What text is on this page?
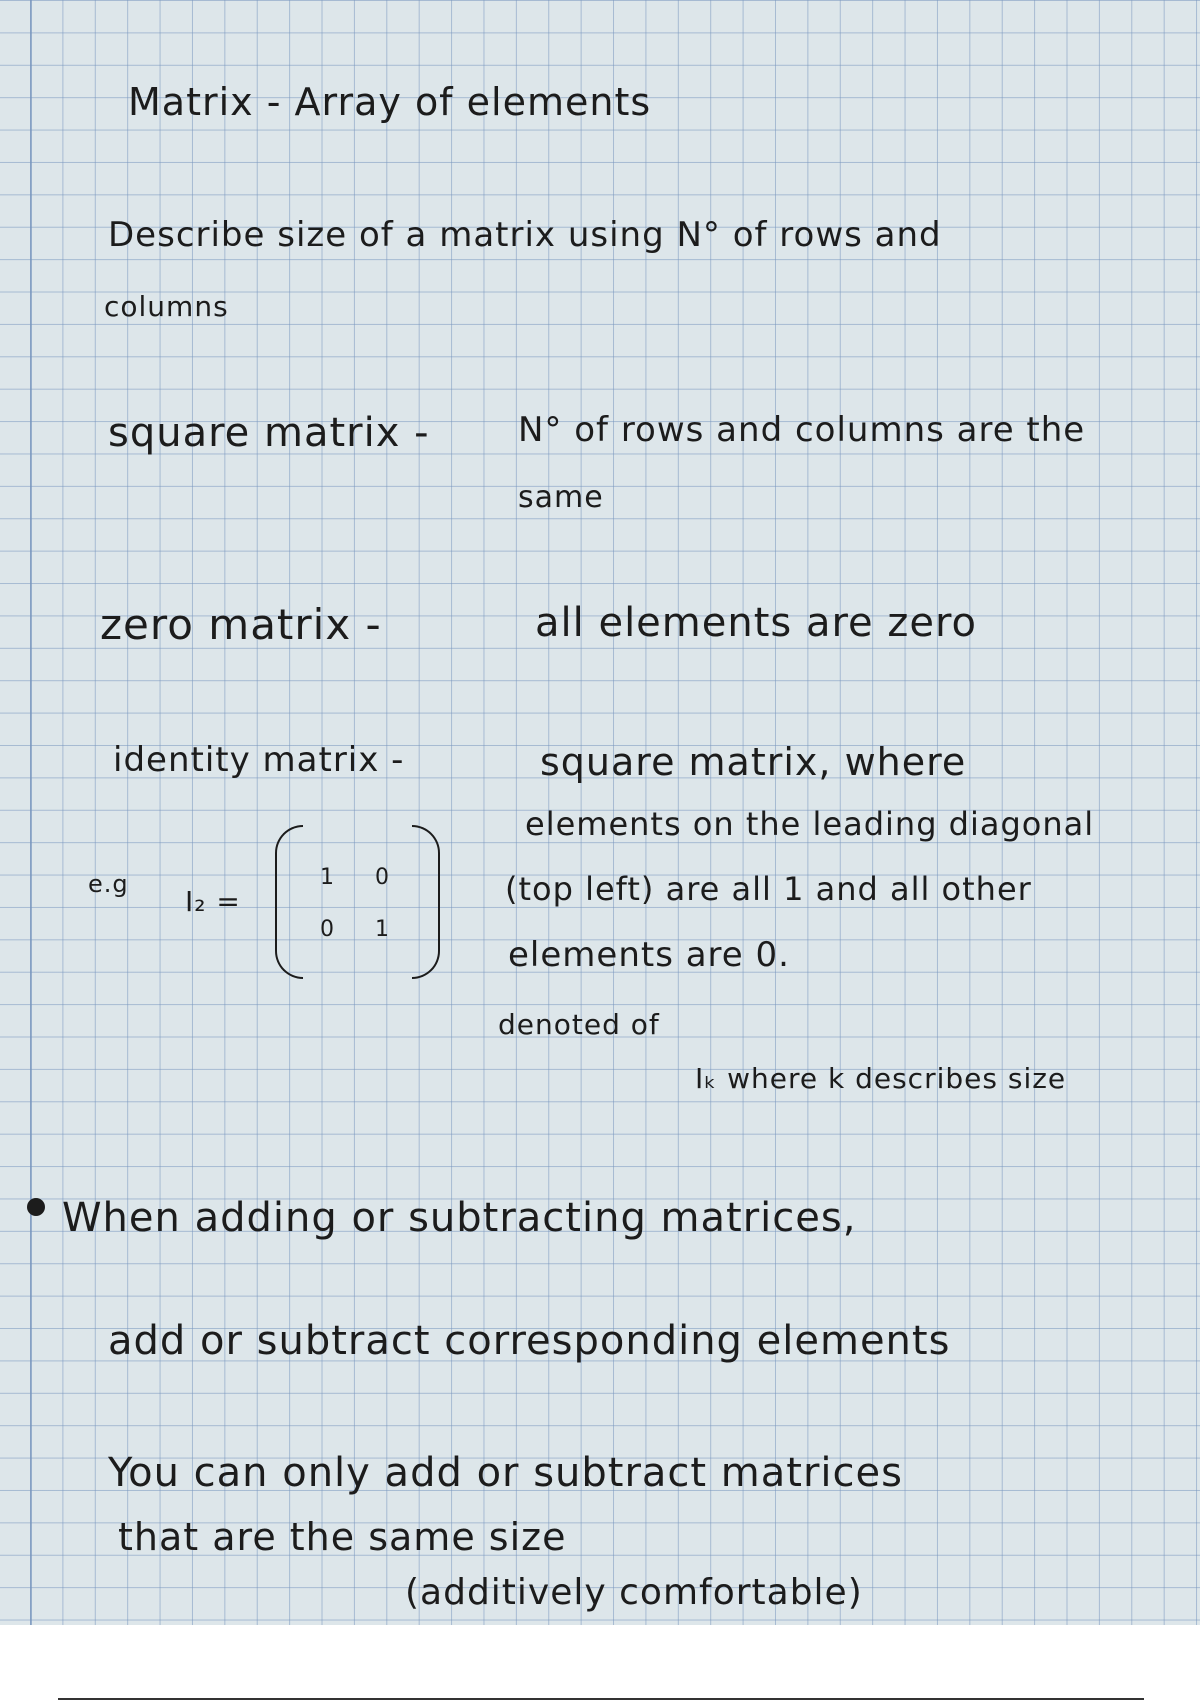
Matrix - Array of elements
Describe size of a matrix using N° of rows and
columns
square matrix -	N° of rows and columns are the
same
zero matrix -	all elements are zero
identity matrix -	square matrix, where
elements on the leading diagonal
(top left) are all 1 and all other
elements are 0.
e.g
I₂ =
1 0
0 1
denoted of
Iₖ where k describes size
When adding or subtracting matrices,
add or subtract corresponding elements
You can only add or subtract matrices
that are the same size
(additively comfortable)
